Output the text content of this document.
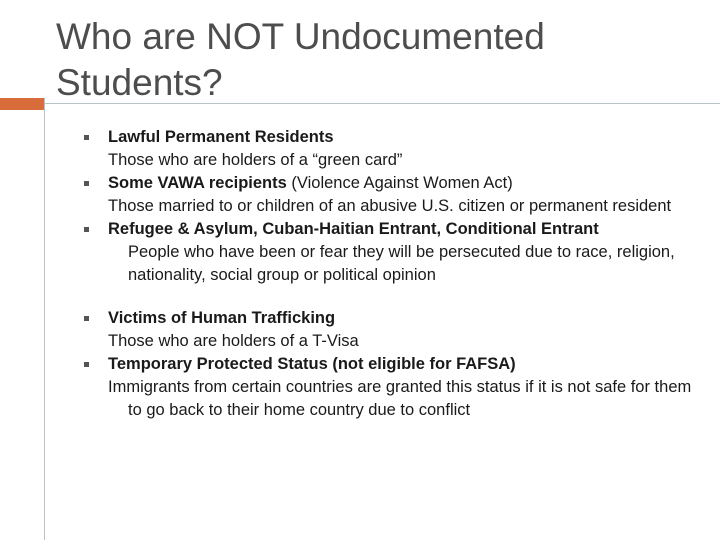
Who are NOT Undocumented
Students?
Lawful Permanent Residents
Those who are holders of a “green card”
Some VAWA recipients (Violence Against Women Act)
Those married to or children of an abusive U.S. citizen or permanent resident
Refugee & Asylum, Cuban-Haitian Entrant, Conditional Entrant
People who have been or fear they will be persecuted due to race, religion, nationality, social group or political opinion
Victims of Human Trafficking
Those who are holders of a T-Visa
Temporary Protected Status (not eligible for FAFSA)
Immigrants from certain countries are granted this status if it is not safe for them to go back to their home country due to conflict
